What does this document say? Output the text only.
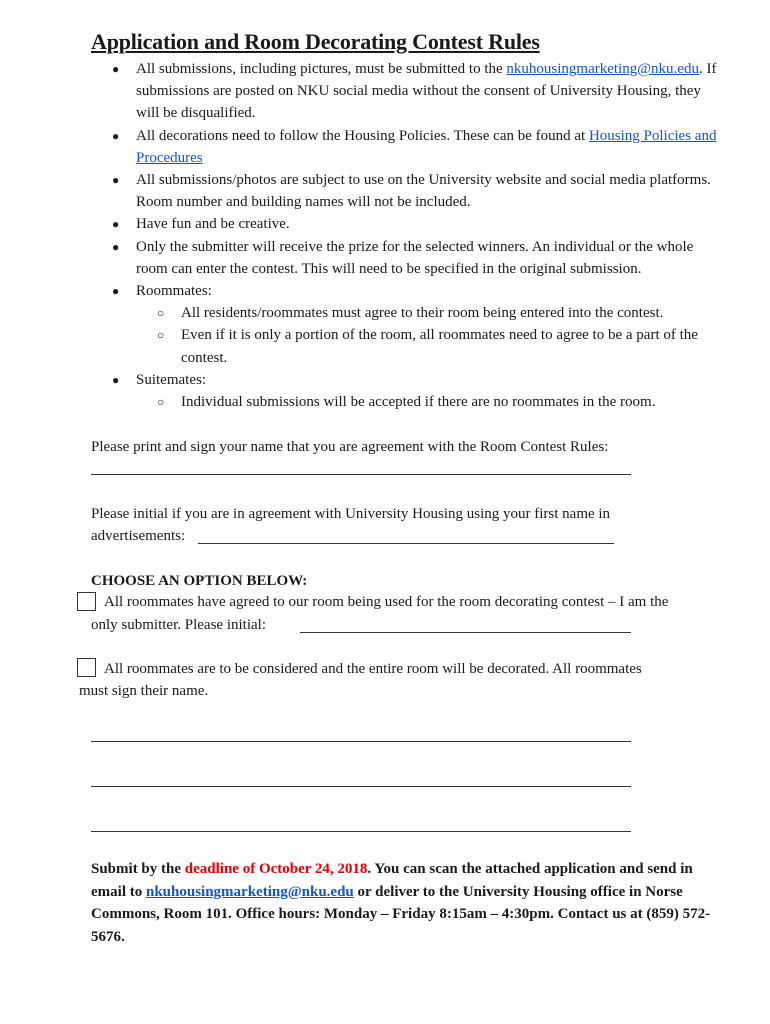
Application and Room Decorating Contest Rules
● All submissions, including pictures, must be submitted to the nkuhousingmarketing@nku.edu. If submissions are posted on NKU social media without the consent of University Housing, they will be disqualified.
● All decorations need to follow the Housing Policies. These can be found at Housing Policies and Procedures
● All submissions/photos are subject to use on the University website and social media platforms. Room number and building names will not be included.
● Have fun and be creative.
● Only the submitter will receive the prize for the selected winners. An individual or the whole room can enter the contest. This will need to be specified in the original submission.
● Roommates:
○ All residents/roommates must agree to their room being entered into the contest.
○ Even if it is only a portion of the room, all roommates need to agree to be a part of the contest.
● Suitemates:
○ Individual submissions will be accepted if there are no roommates in the room.

Please print and sign your name that you are agreement with the Room Contest Rules:

Please initial if you are in agreement with University Housing using your first name in

advertisements:

CHOOSE AN OPTION BELOW:

All roommates have agreed to our room being used for the room decorating contest – I am the

only submitter. Please initial:

All roommates are to be considered and the entire room will be decorated. All roommates

must sign their name.

Submit by the deadline of October 24, 2018. You can scan the attached application and send in email to nkuhousingmarketing@nku.edu or deliver to the University Housing office in Norse Commons, Room 101. Office hours: Monday – Friday 8:15am – 4:30pm. Contact us at (859) 572-5676.
